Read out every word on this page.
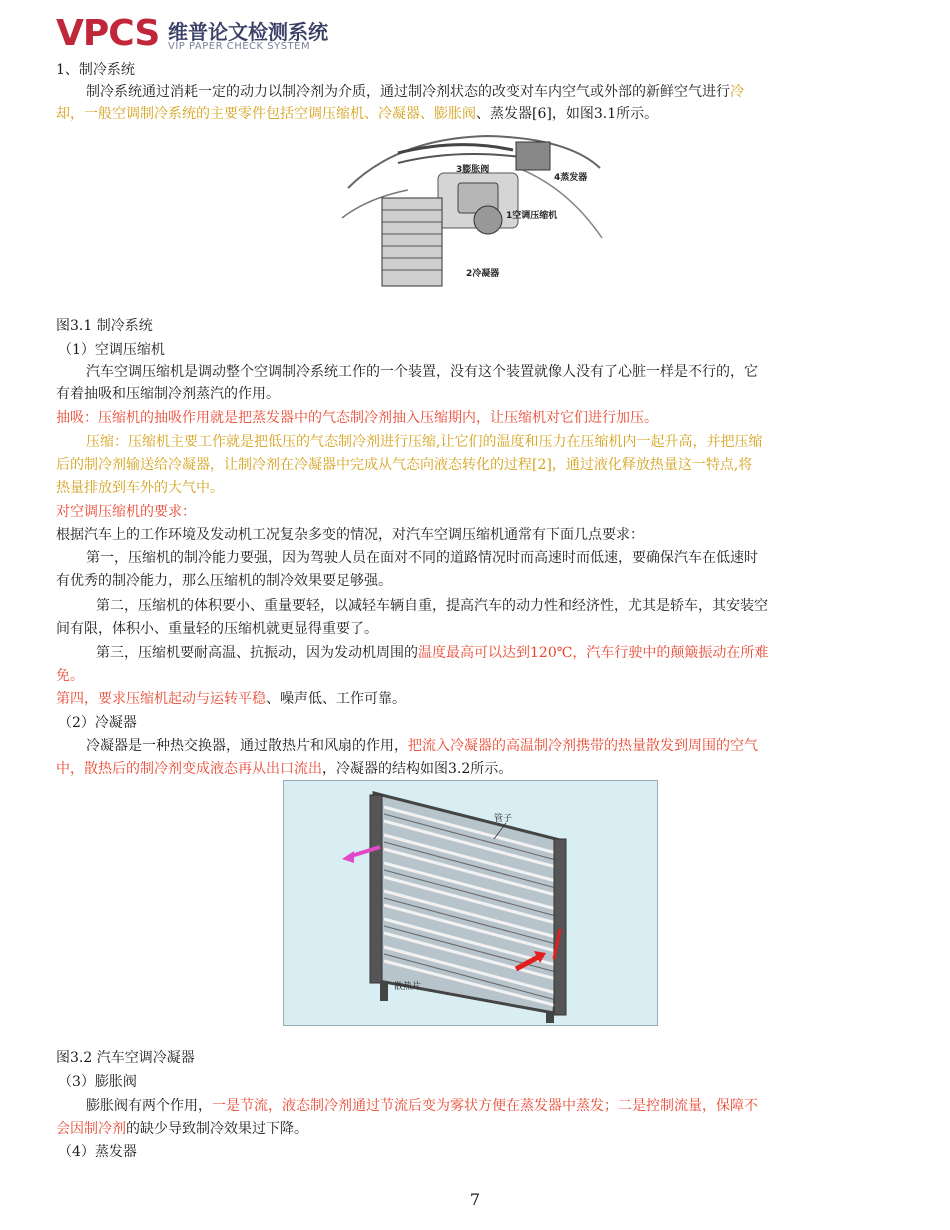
VPCS 维普论文检测系统
VIP PAPER CHECK SYSTEM
1、制冷系统
制冷系统通过消耗一定的动力以制冷剂为介质，通过制冷剂状态的改变对车内空气或外部的新鲜空气进行冷
却，一般空调制冷系统的主要零件包括空调压缩机、冷凝器、膨胀阀、蒸发器[6]，如图3.1所示。
1空调压缩机
2冷凝器
3膨胀阀
4蒸发器
图3.1 制冷系统
（1）空调压缩机
汽车空调压缩机是调动整个空调制冷系统工作的一个装置，没有这个装置就像人没有了心脏一样是不行的，它
有着抽吸和压缩制冷剂蒸汽的作用。
抽吸：压缩机的抽吸作用就是把蒸发器中的气态制冷剂抽入压缩期内，让压缩机对它们进行加压。
压缩：压缩机主要工作就是把低压的气态制冷剂进行压缩,让它们的温度和压力在压缩机内一起升高，并把压缩
后的制冷剂输送给冷凝器，让制冷剂在冷凝器中完成从气态向液态转化的过程[2]，通过液化释放热量这一特点,将
热量排放到车外的大气中。
对空调压缩机的要求：
根据汽车上的工作环境及发动机工况复杂多变的情况，对汽车空调压缩机通常有下面几点要求：
第一，压缩机的制冷能力要强，因为驾驶人员在面对不同的道路情况时而高速时而低速，要确保汽车在低速时
有优秀的制冷能力，那么压缩机的制冷效果要足够强。
第二，压缩机的体积要小、重量要轻，以减轻车辆自重，提高汽车的动力性和经济性，尤其是轿车，其安装空
间有限，体积小、重量轻的压缩机就更显得重要了。
第三，压缩机要耐高温、抗振动，因为发动机周围的温度最高可以达到120℃，汽车行驶中的颠簸振动在所难
免。
第四，要求压缩机起动与运转平稳、噪声低、工作可靠。
（2）冷凝器
冷凝器是一种热交换器，通过散热片和风扇的作用，把流入冷凝器的高温制冷剂携带的热量散发到周围的空气
中，散热后的制冷剂变成液态再从出口流出，冷凝器的结构如图3.2所示。
管子
散热片
图3.2 汽车空调冷凝器
（3）膨胀阀
膨胀阀有两个作用，一是节流，液态制冷剂通过节流后变为雾状方便在蒸发器中蒸发；二是控制流量，保障不
会因制冷剂的缺少导致制冷效果过下降。
（4）蒸发器
7
